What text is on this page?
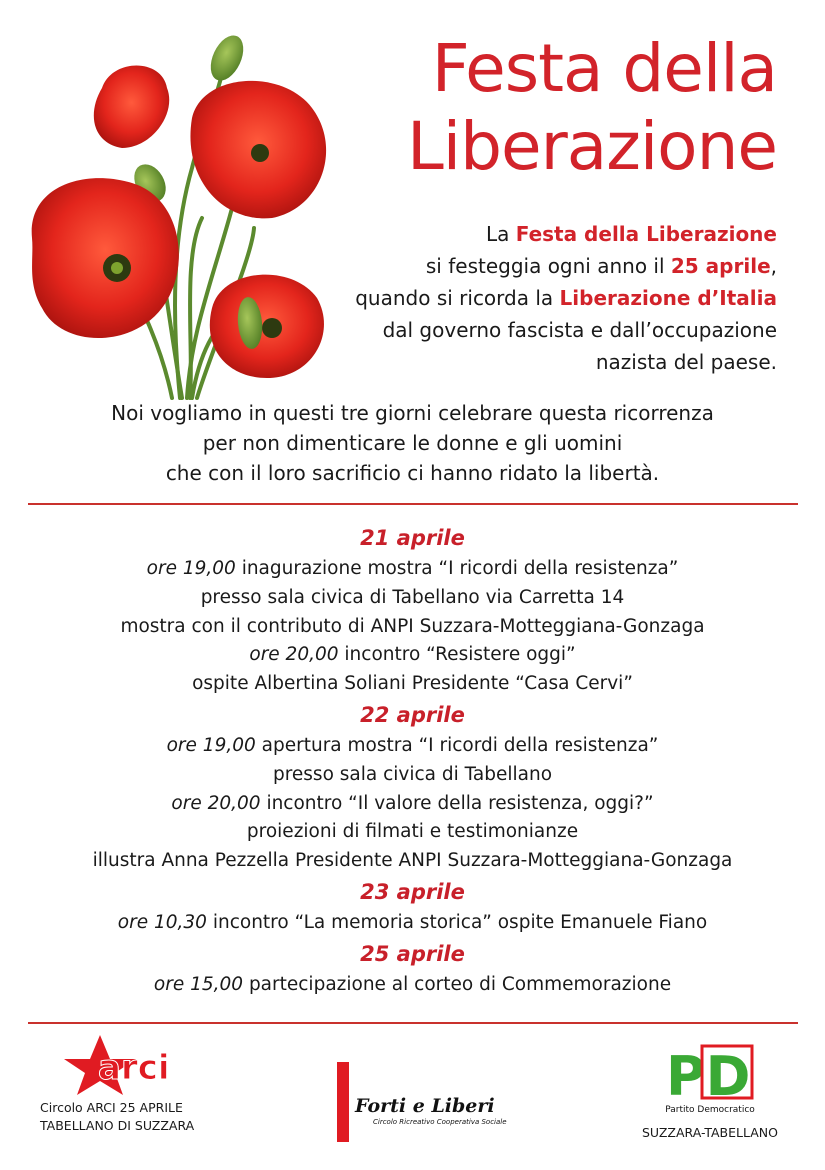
Festa della
Liberazione
La Festa della Liberazione
si festeggia ogni anno il 25 aprile,
quando si ricorda la Liberazione d’Italia
dal governo fascista e dall’occupazione
nazista del paese.
Noi vogliamo in questi tre giorni celebrare questa ricorrenza
per non dimenticare le donne e gli uomini
che con il loro sacrificio ci hanno ridato la libertà.
21 aprile
ore 19,00 inagurazione mostra “I ricordi della resistenza”
presso sala civica di Tabellano via Carretta 14
mostra con il contributo di ANPI Suzzara-Motteggiana-Gonzaga
ore 20,00 incontro “Resistere oggi”
ospite Albertina Soliani Presidente “Casa Cervi”
22 aprile
ore 19,00 apertura mostra “I ricordi della resistenza”
presso sala civica di Tabellano
ore 20,00 incontro “Il valore della resistenza, oggi?”
proiezioni di filmati e testimonianze
illustra Anna Pezzella Presidente ANPI Suzzara-Motteggiana-Gonzaga
23 aprile
ore 10,30 incontro “La memoria storica” ospite Emanuele Fiano
25 aprile
ore 15,00 partecipazione al corteo di Commemorazione
arci
Circolo ARCI 25 APRILE
TABELLANO DI SUZZARA
Forti e Liberi
Circolo Ricreativo Cooperativa Sociale
PD
Partito Democratico
SUZZARA-TABELLANO
